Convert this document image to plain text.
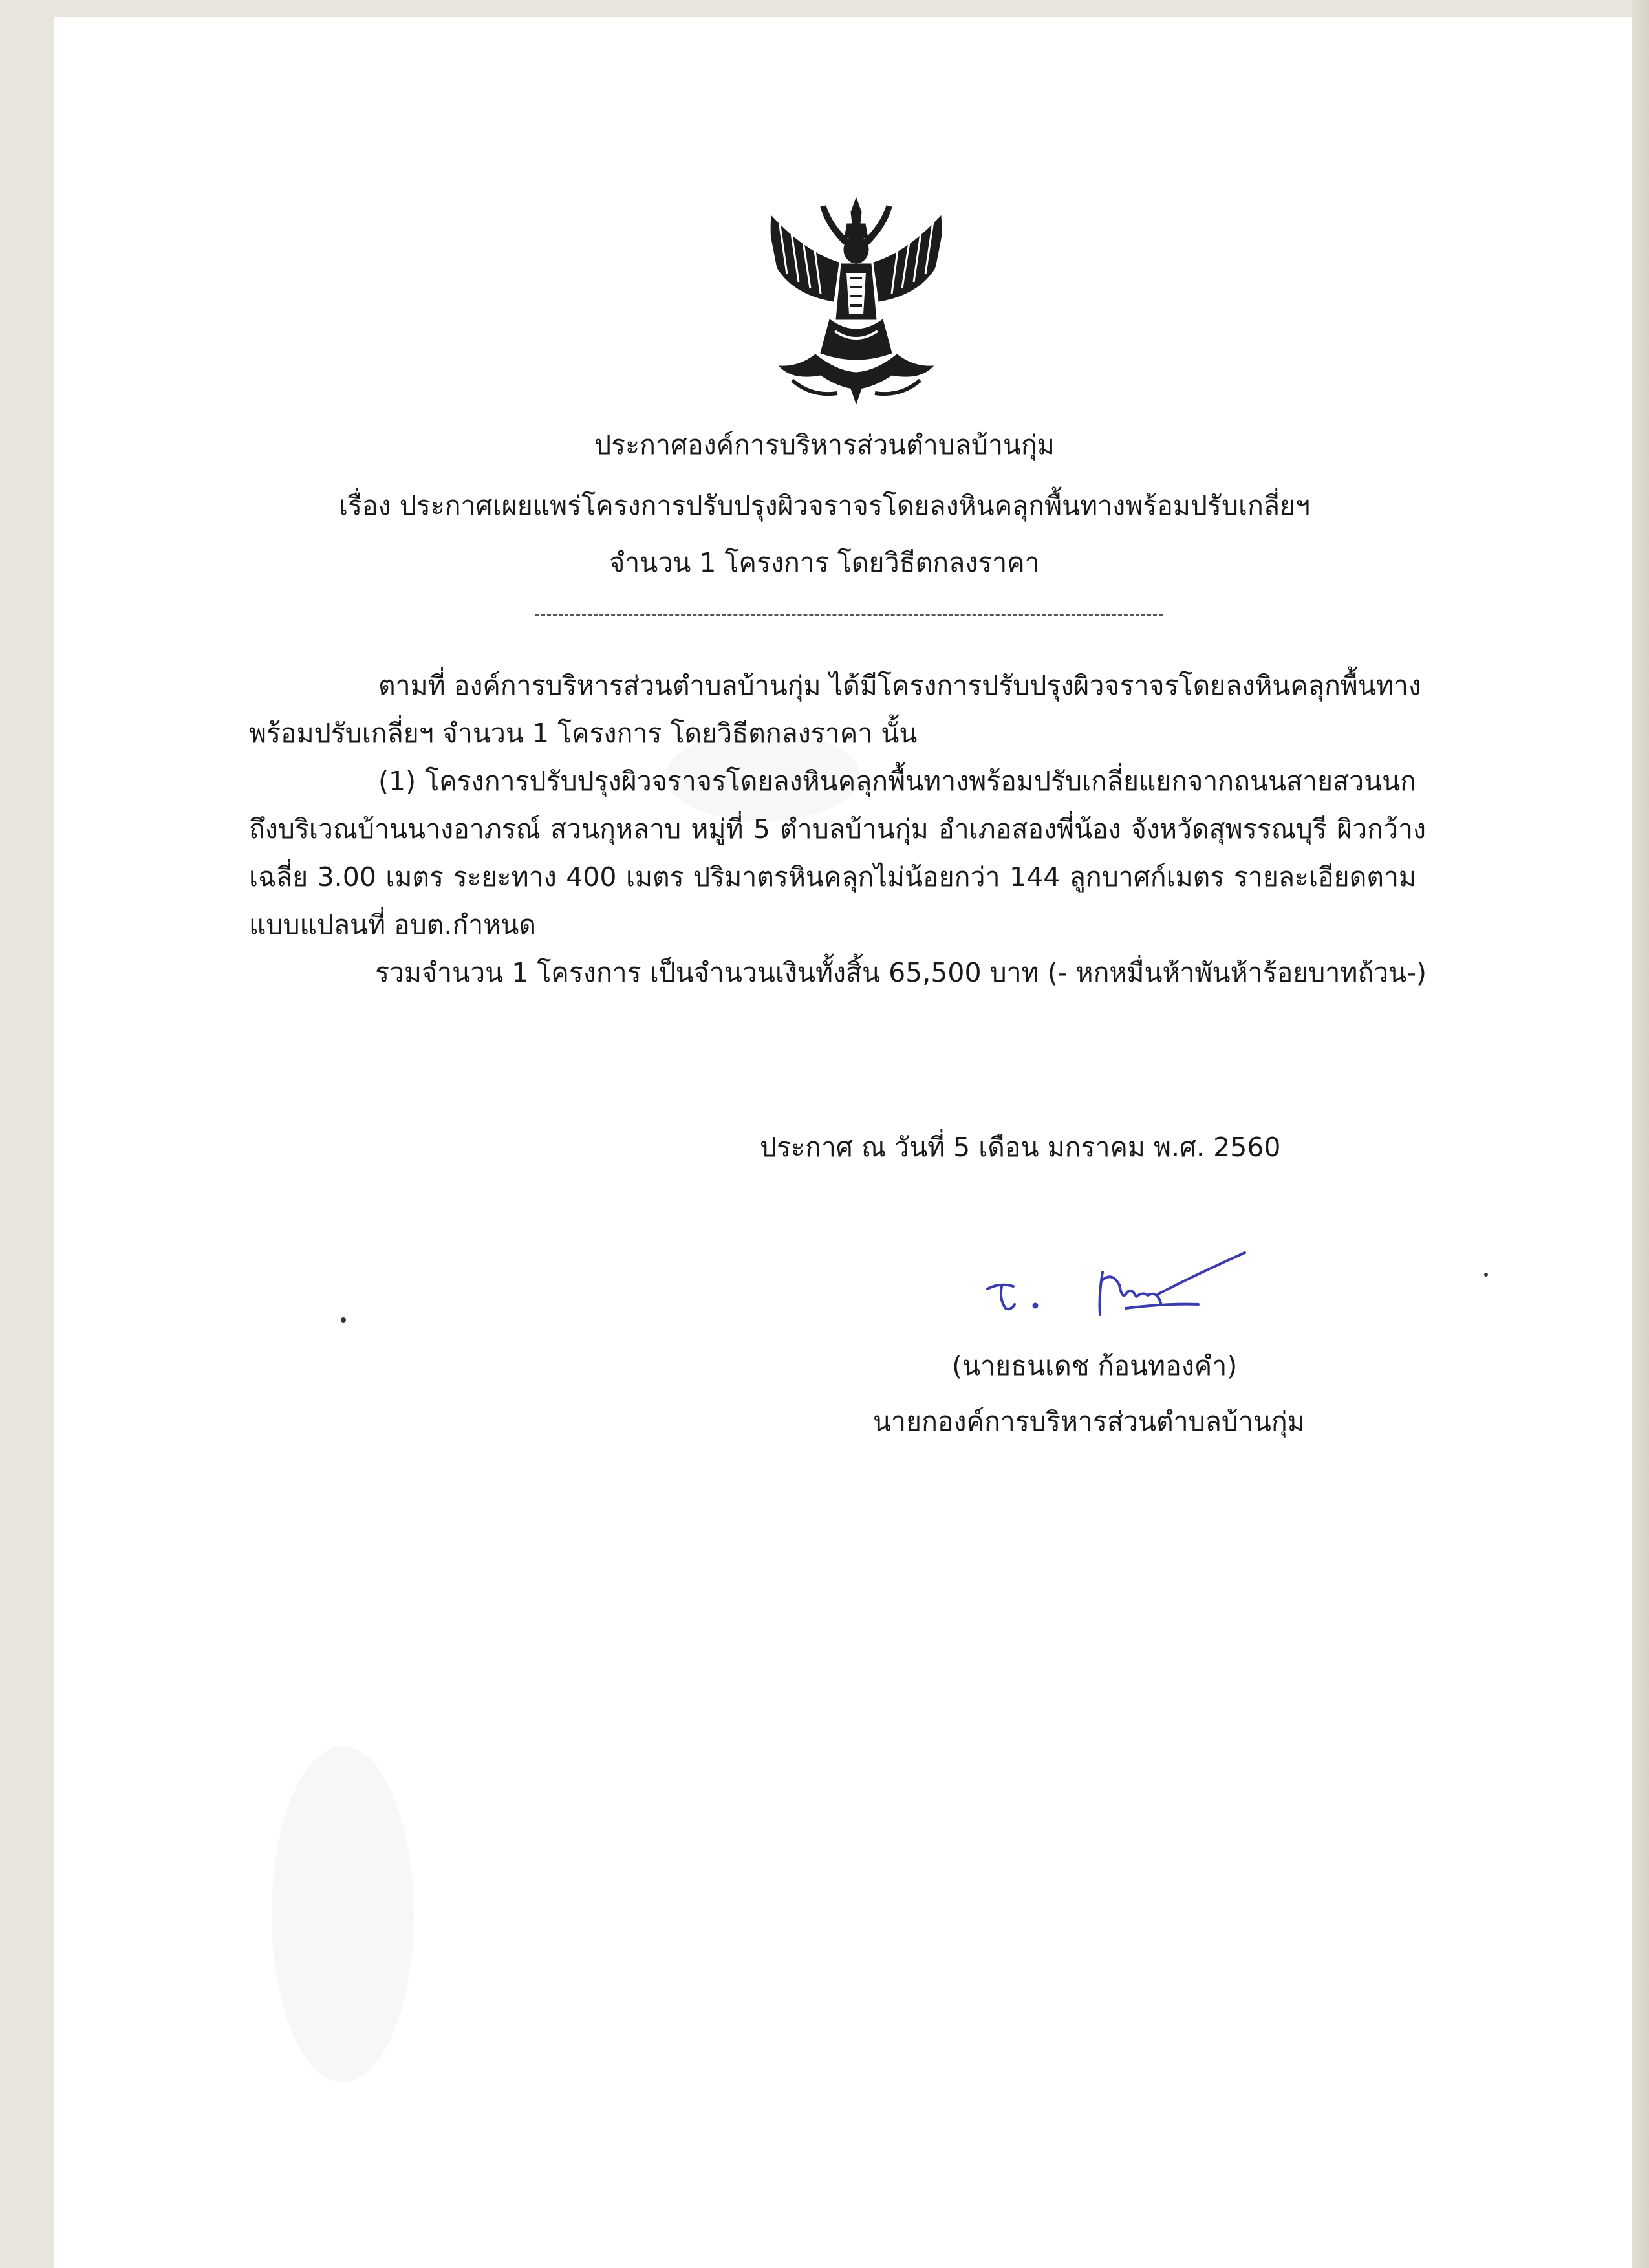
ประกาศองค์การบริหารส่วนตำบลบ้านกุ่ม
เรื่อง ประกาศเผยแพร่โครงการปรับปรุงผิวจราจรโดยลงหินคลุกพื้นทางพร้อมปรับเกลี่ยฯ
จำนวน 1 โครงการ โดยวิธีตกลงราคา
ตามที่ องค์การบริหารส่วนตำบลบ้านกุ่ม ได้มีโครงการปรับปรุงผิวจราจรโดยลงหินคลุกพื้นทาง
พร้อมปรับเกลี่ยฯ จำนวน 1 โครงการ โดยวิธีตกลงราคา นั้น
(1) โครงการปรับปรุงผิวจราจรโดยลงหินคลุกพื้นทางพร้อมปรับเกลี่ยแยกจากถนนสายสวนนก
ถึงบริเวณบ้านนางอาภรณ์ สวนกุหลาบ หมู่ที่ 5 ตำบลบ้านกุ่ม อำเภอสองพี่น้อง จังหวัดสุพรรณบุรี ผิวกว้าง
เฉลี่ย 3.00 เมตร ระยะทาง 400 เมตร ปริมาตรหินคลุกไม่น้อยกว่า 144 ลูกบาศก์เมตร รายละเอียดตาม
แบบแปลนที่ อบต.กำหนด
รวมจำนวน 1 โครงการ เป็นจำนวนเงินทั้งสิ้น 65,500 บาท (- หกหมื่นห้าพันห้าร้อยบาทถ้วน-)
ประกาศ ณ วันที่ 5 เดือน มกราคม พ.ศ. 2560
(นายธนเดช ก้อนทองคำ)
นายกองค์การบริหารส่วนตำบลบ้านกุ่ม
